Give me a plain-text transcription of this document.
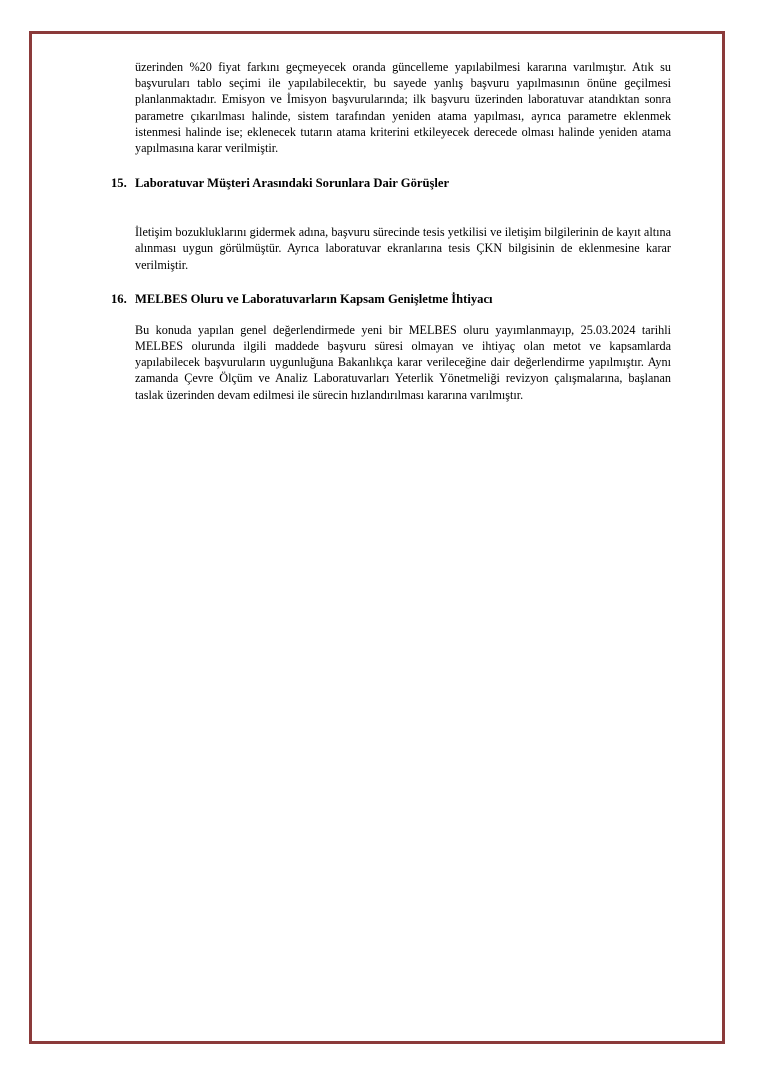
üzerinden %20 fiyat farkını geçmeyecek oranda güncelleme yapılabilmesi kararına varılmıştır. Atık su başvuruları tablo seçimi ile yapılabilecektir, bu sayede yanlış başvuru yapılmasının önüne geçilmesi planlanmaktadır. Emisyon ve İmisyon başvurularında; ilk başvuru üzerinden laboratuvar atandıktan sonra parametre çıkarılması halinde, sistem tarafından yeniden atama yapılması, ayrıca parametre eklenmek istenmesi halinde ise; eklenecek tutarın atama kriterini etkileyecek derecede olması halinde yeniden atama yapılmasına karar verilmiştir.

15. Laboratuvar Müşteri Arasındaki Sorunlara Dair Görüşler

İletişim bozukluklarını gidermek adına, başvuru sürecinde tesis yetkilisi ve iletişim bilgilerinin de kayıt altına alınması uygun görülmüştür. Ayrıca laboratuvar ekranlarına tesis ÇKN bilgisinin de eklenmesine karar verilmiştir.

16. MELBES Oluru ve Laboratuvarların Kapsam Genişletme İhtiyacı

Bu konuda yapılan genel değerlendirmede yeni bir MELBES oluru yayımlanmayıp, 25.03.2024 tarihli MELBES olurunda ilgili maddede başvuru süresi olmayan ve ihtiyaç olan metot ve kapsamlarda yapılabilecek başvuruların uygunluğuna Bakanlıkça karar verileceğine dair değerlendirme yapılmıştır. Aynı zamanda Çevre Ölçüm ve Analiz Laboratuvarları Yeterlik Yönetmeliği revizyon çalışmalarına, başlanan taslak üzerinden devam edilmesi ile sürecin hızlandırılması kararına varılmıştır.
